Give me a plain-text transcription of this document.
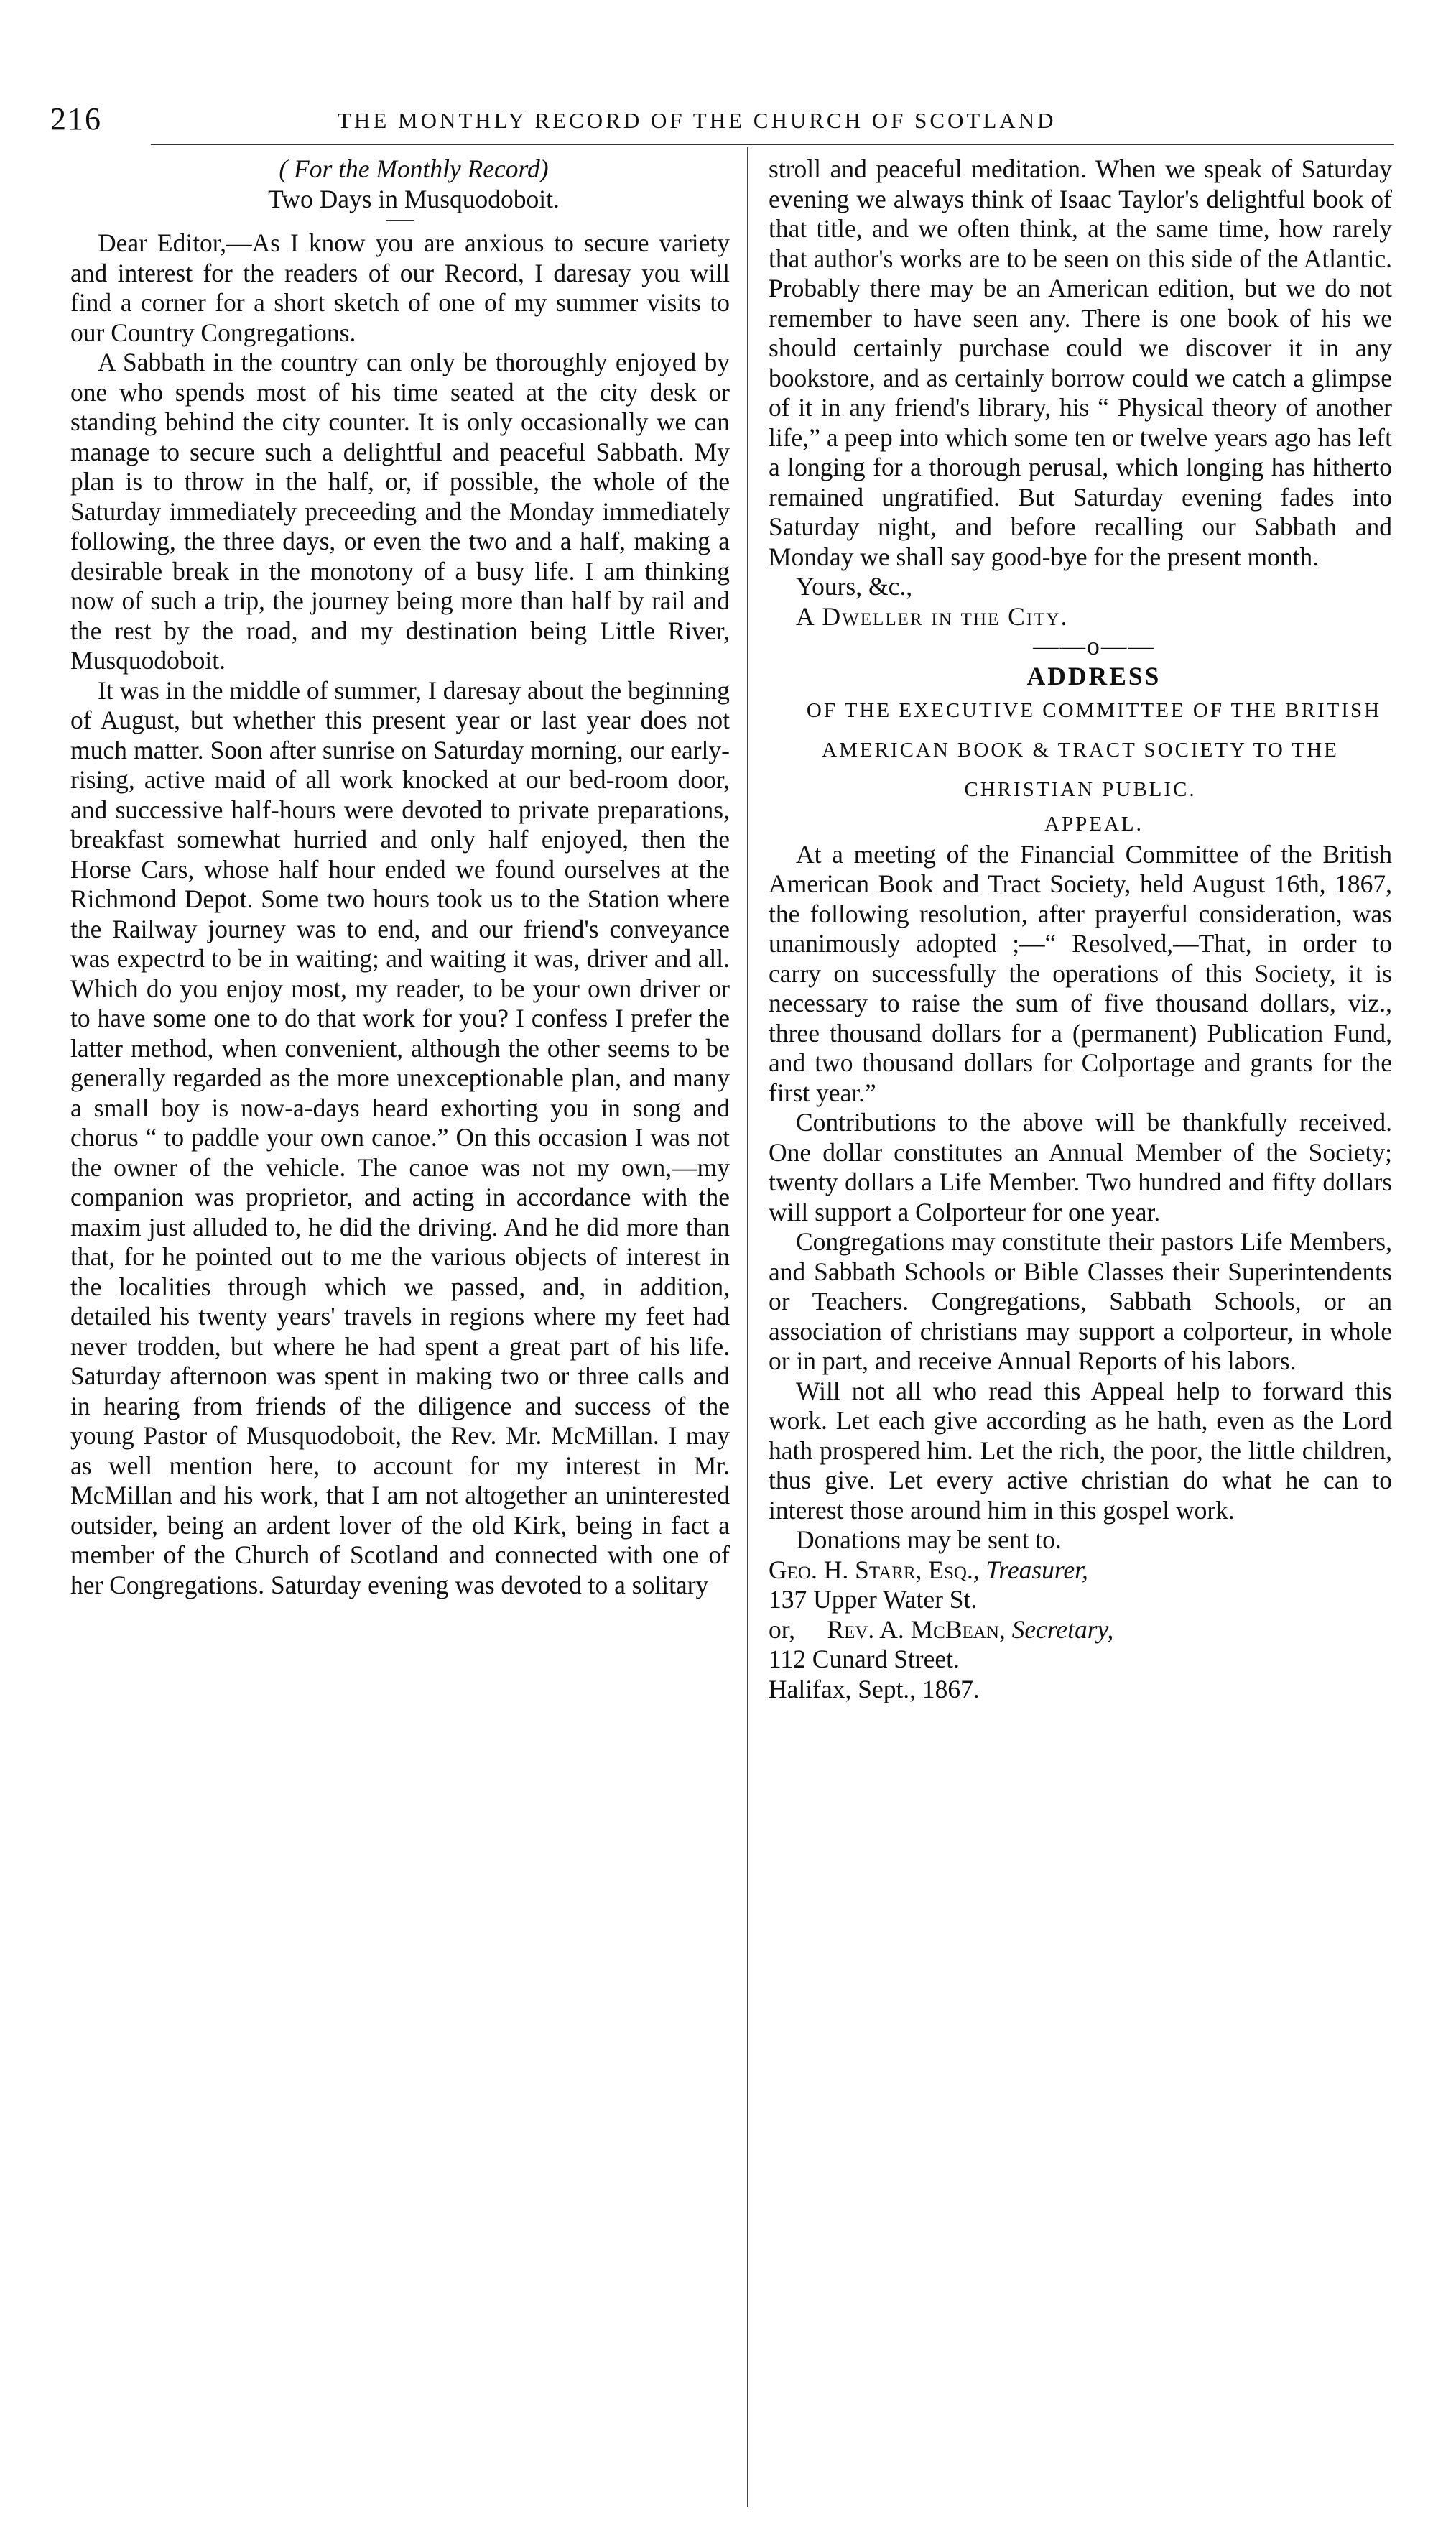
216	THE MONTHLY RECORD OF THE CHURCH OF SCOTLAND

( For the Monthly Record)

Two Days in Musquodoboit.

Dear Editor,—As I know you are anxious to secure variety and interest for the readers of our Record, I daresay you will find a corner for a short sketch of one of my summer visits to our Country Congregations.

A Sabbath in the country can only be thoroughly enjoyed by one who spends most of his time seated at the city desk or standing behind the city counter. It is only occasionally we can manage to secure such a delightful and peaceful Sabbath. My plan is to throw in the half, or, if possible, the whole of the Saturday immediately preceeding and the Monday immediately following, the three days, or even the two and a half, making a desirable break in the monotony of a busy life. I am thinking now of such a trip, the journey being more than half by rail and the rest by the road, and my destination being Little River, Musquodoboit.

It was in the middle of summer, I daresay about the beginning of August, but whether this present year or last year does not much matter. Soon after sunrise on Saturday morning, our early-rising, active maid of all work knocked at our bed-room door, and successive half-hours were devoted to private preparations, breakfast somewhat hurried and only half enjoyed, then the Horse Cars, whose half hour ended we found ourselves at the Richmond Depot. Some two hours took us to the Station where the Railway journey was to end, and our friend's conveyance was expectrd to be in waiting; and waiting it was, driver and all. Which do you enjoy most, my reader, to be your own driver or to have some one to do that work for you? I confess I prefer the latter method, when convenient, although the other seems to be generally regarded as the more unexceptionable plan, and many a small boy is now-a-days heard exhorting you in song and chorus “ to paddle your own canoe.” On this occasion I was not the owner of the vehicle. The canoe was not my own,—my companion was proprietor, and acting in accordance with the maxim just alluded to, he did the driving. And he did more than that, for he pointed out to me the various objects of interest in the localities through which we passed, and, in addition, detailed his twenty years' travels in regions where my feet had never trodden, but where he had spent a great part of his life. Saturday afternoon was spent in making two or three calls and in hearing from friends of the diligence and success of the young Pastor of Musquodoboit, the Rev. Mr. McMillan. I may as well mention here, to account for my interest in Mr. McMillan and his work, that I am not altogether an uninterested outsider, being an ardent lover of the old Kirk, being in fact a member of the Church of Scotland and connected with one of her Congregations. Saturday evening was devoted to a solitary

stroll and peaceful meditation. When we speak of Saturday evening we always think of Isaac Taylor's delightful book of that title, and we often think, at the same time, how rarely that author's works are to be seen on this side of the Atlantic. Probably there may be an American edition, but we do not remember to have seen any. There is one book of his we should certainly purchase could we discover it in any bookstore, and as certainly borrow could we catch a glimpse of it in any friend's library, his “ Physical theory of another life,” a peep into which some ten or twelve years ago has left a longing for a thorough perusal, which longing has hitherto remained ungratified. But Saturday evening fades into Saturday night, and before recalling our Sabbath and Monday we shall say good-bye for the present month.

Yours, &c.,

A Dweller in the City.

——o——

ADDRESS

OF THE EXECUTIVE COMMITTEE OF THE BRITISH AMERICAN BOOK & TRACT SOCIETY TO THE CHRISTIAN PUBLIC.

APPEAL.

At a meeting of the Financial Committee of the British American Book and Tract Society, held August 16th, 1867, the following resolution, after prayerful consideration, was unanimously adopted ;—“ Resolved,—That, in order to carry on successfully the operations of this Society, it is necessary to raise the sum of five thousand dollars, viz., three thousand dollars for a (permanent) Publication Fund, and two thousand dollars for Colportage and grants for the first year.”

Contributions to the above will be thankfully received. One dollar constitutes an Annual Member of the Society; twenty dollars a Life Member. Two hundred and fifty dollars will support a Colporteur for one year.

Congregations may constitute their pastors Life Members, and Sabbath Schools or Bible Classes their Superintendents or Teachers. Congregations, Sabbath Schools, or an association of christians may support a colporteur, in whole or in part, and receive Annual Reports of his labors.

Will not all who read this Appeal help to forward this work. Let each give according as he hath, even as the Lord hath prospered him. Let the rich, the poor, the little children, thus give. Let every active christian do what he can to interest those around him in this gospel work.

Donations may be sent to.

Geo. H. Starr, Esq., Treasurer,

137 Upper Water St.

or, Rev. A. McBean, Secretary,

112 Cunard Street.

Halifax, Sept., 1867.
